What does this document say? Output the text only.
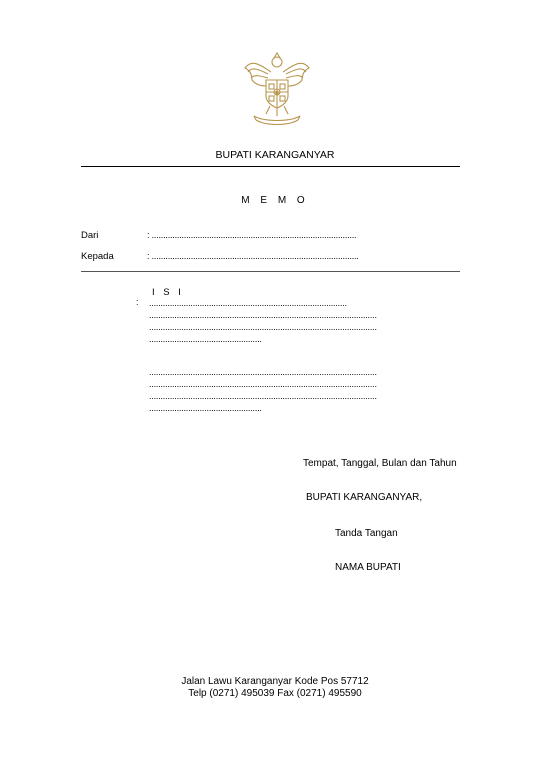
BUPATI KARANGANYAR
M E M O
Dari	: .........................................................................................
Kepada	: ..........................................................................................
I S I
: ......................................................................................
...................................................................................................
...................................................................................................
.................................................
...................................................................................................
...................................................................................................
...................................................................................................
.................................................
Tempat, Tanggal, Bulan dan Tahun
BUPATI KARANGANYAR,
Tanda Tangan
NAMA BUPATI
Jalan Lawu Karanganyar Kode Pos 57712
Telp (0271) 495039 Fax (0271) 495590
